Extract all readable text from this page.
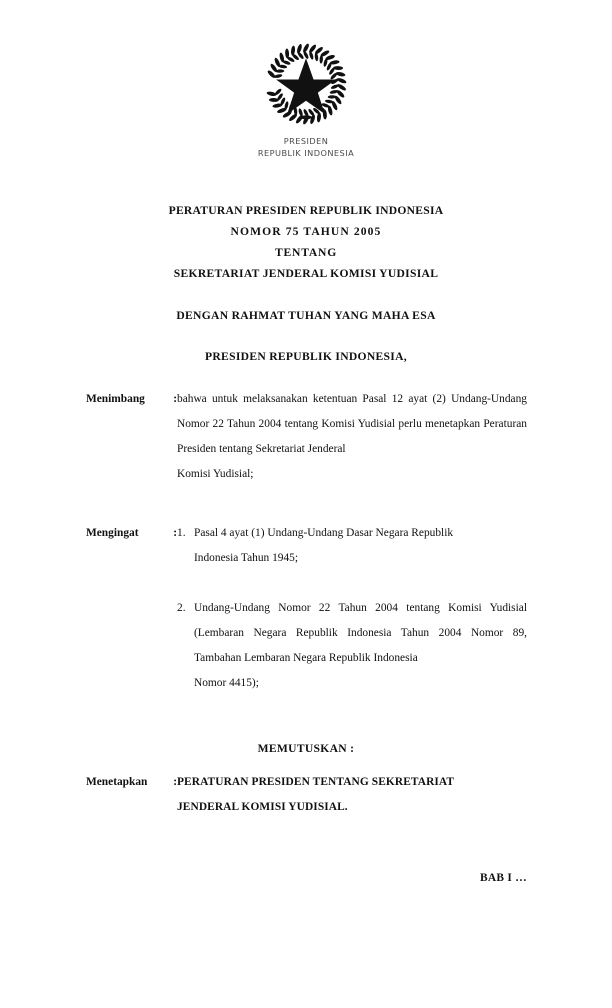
PRESIDEN
REPUBLIK INDONESIA
PERATURAN PRESIDEN REPUBLIK INDONESIA
NOMOR 75 TAHUN 2005
TENTANG
SEKRETARIAT JENDERAL KOMISI YUDISIAL
DENGAN RAHMAT TUHAN YANG MAHA ESA
PRESIDEN REPUBLIK INDONESIA,
Menimbang	: bahwa untuk melaksanakan ketentuan Pasal 12 ayat (2) Undang-Undang Nomor 22 Tahun 2004 tentang Komisi Yudisial perlu menetapkan Peraturan Presiden tentang Sekretariat Jenderal

Komisi Yudisial;

Mengingat	: 1. Pasal 4 ayat (1) Undang-Undang Dasar Negara Republik
Indonesia Tahun 1945;
2. Undang-Undang Nomor 22 Tahun 2004 tentang Komisi Yudisial (Lembaran Negara Republik Indonesia Tahun 2004 Nomor 89, Tambahan Lembaran Negara Republik Indonesia
Nomor 4415);
MEMUTUSKAN :
Menetapkan	: PERATURAN PRESIDEN TENTANG SEKRETARIAT

JENDERAL KOMISI YUDISIAL.

BAB I …
